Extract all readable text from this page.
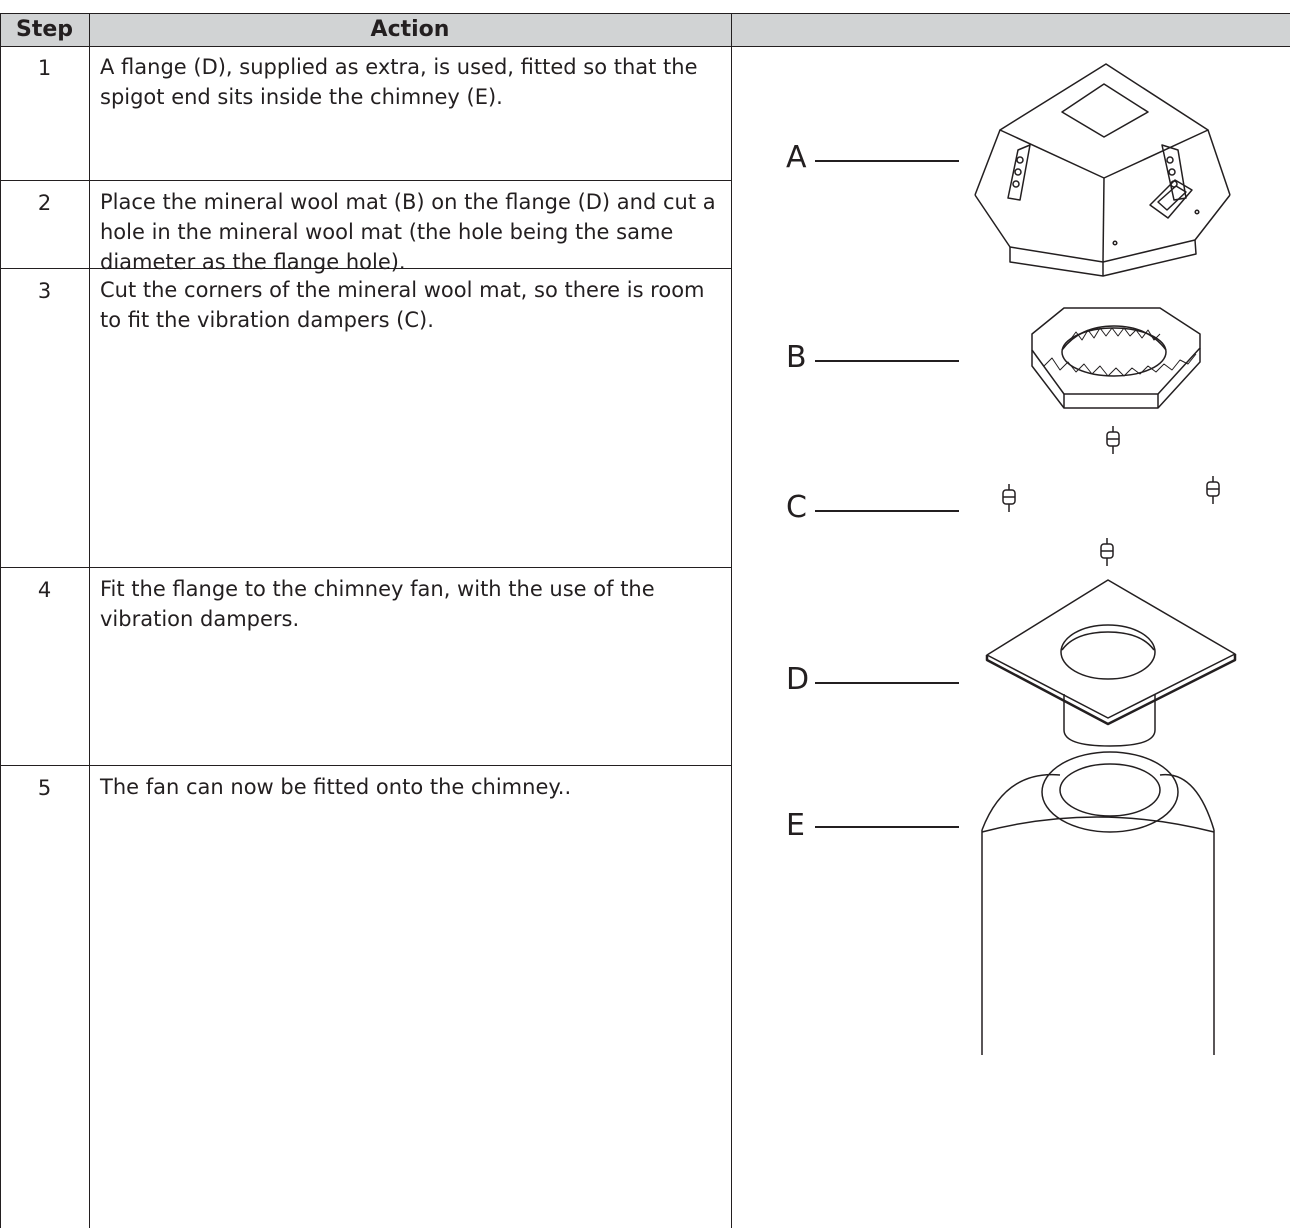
Step	Action
1	A flange (D), supplied as extra, is used, fitted so that the spigot end sits inside the chimney (E).
2	Place the mineral wool mat (B) on the flange (D) and cut a hole in the mineral wool mat (the hole being the same diameter as the flange hole).
3	Cut the corners of the mineral wool mat, so there is room to fit the vibration dampers (C).
4	Fit the flange to the chimney fan, with the use of the vibration dampers.
5	The fan can now be fitted onto the chimney..
A
B
C
D
E
